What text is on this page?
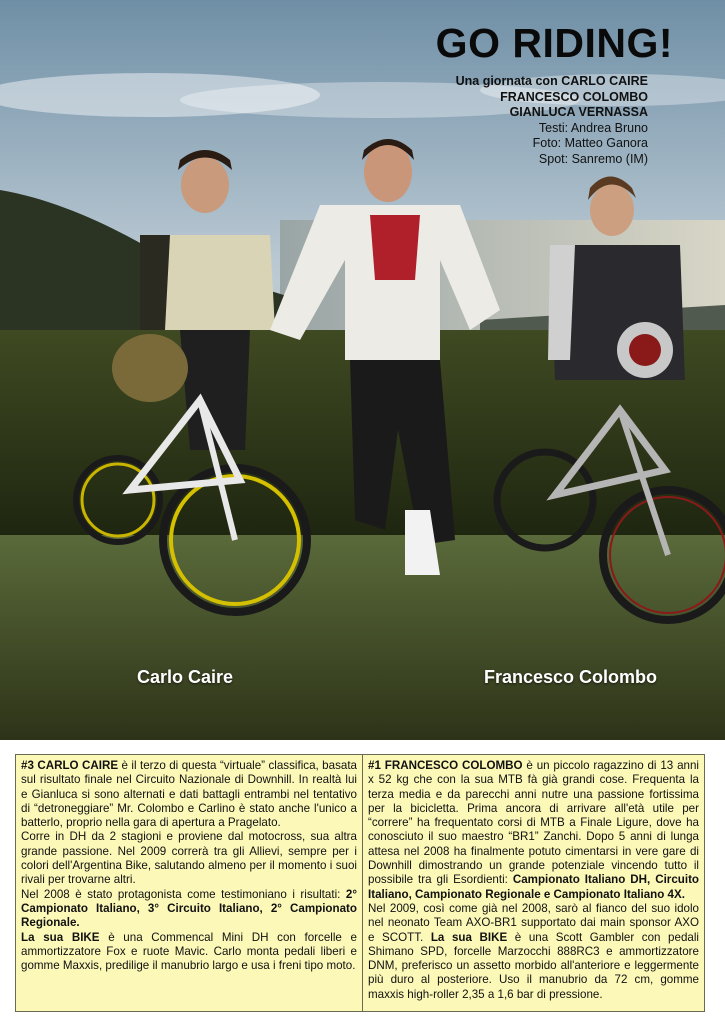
GO RIDING!
Una giornata con CARLO CAIRE
FRANCESCO COLOMBO
GIANLUCA VERNASSA
Testi: Andrea Bruno
Foto: Matteo Ganora
Spot: Sanremo (IM)
Carlo Caire	Francesco Colombo

#3 CARLO CAIRE è il terzo di questa “virtuale” classifica, basata sul risultato finale nel Circuito Nazionale di Downhill. In realtà lui e Gianluca si sono alternati e dati battagli entrambi nel tentativo di “detroneggiare” Mr. Colombo e Carlino è stato anche l'unico a batterlo, proprio nella gara di apertura a Pragelato.

Corre in DH da 2 stagioni e proviene dal motocross, sua altra grande passione. Nel 2009 correrà tra gli Allievi, sempre per i colori dell'Argentina Bike, salutando almeno per il momento i suoi rivali per trovarne altri.

Nel 2008 è stato protagonista come testimoniano i risultati: 2° Campionato Italiano, 3° Circuito Italiano, 2° Campionato Regionale.

La sua BIKE è una Commencal Mini DH con forcelle e ammortizzatore Fox e ruote Mavic. Carlo monta pedali liberi e gomme Maxxis, predilige il manubrio largo e usa i freni tipo moto.

#1 FRANCESCO COLOMBO è un piccolo ragazzino di 13 anni x 52 kg che con la sua MTB fà già grandi cose. Frequenta la terza media e da parecchi anni nutre una passione fortissima per la bicicletta. Prima ancora di arrivare all'età utile per “correre” ha frequentato corsi di MTB a Finale Ligure, dove ha conosciuto il suo maestro “BR1” Zanchi. Dopo 5 anni di lunga attesa nel 2008 ha finalmente potuto cimentarsi in vere gare di Downhill dimostrando un grande potenziale vincendo tutto il possibile tra gli Esordienti: Campionato Italiano DH, Circuito Italiano, Campionato Regionale e Campionato Italiano 4X.

Nel 2009, così come già nel 2008, sarò al fianco del suo idolo nel neonato Team AXO-BR1 supportato dai main sponsor AXO e SCOTT. La sua BIKE è una Scott Gambler con pedali Shimano SPD, forcelle Marzocchi 888RC3 e ammortizzatore DNM, preferisco un assetto morbido all'anteriore e leggermente più duro al posteriore. Uso il manubrio da 72 cm, gomme maxxis high-roller 2,35 a 1,6 bar di pressione.
